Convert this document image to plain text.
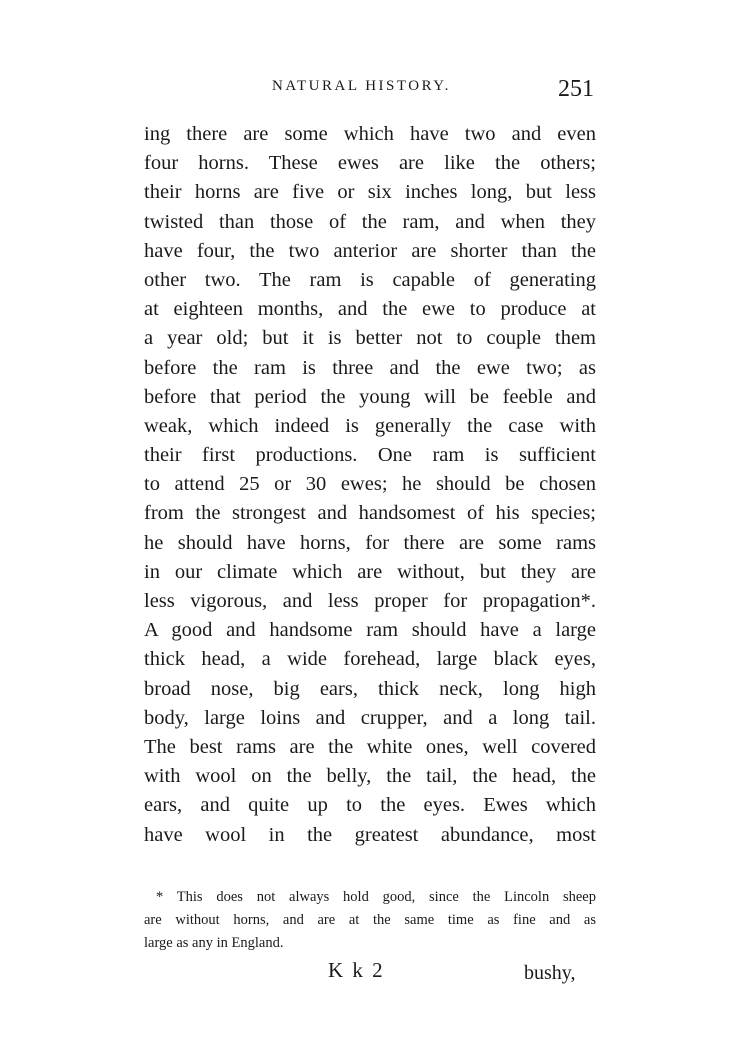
NATURAL HISTORY.	251
ing there are some which have two and even
four horns. These ewes are like the others;
their horns are five or six inches long, but less
twisted than those of the ram, and when they
have four, the two anterior are shorter than the
other two. The ram is capable of generating
at eighteen months, and the ewe to produce at
a year old; but it is better not to couple them
before the ram is three and the ewe two; as
before that period the young will be feeble and
weak, which indeed is generally the case with
their first productions. One ram is sufficient
to attend 25 or 30 ewes; he should be chosen
from the strongest and handsomest of his species;
he should have horns, for there are some rams
in our climate which are without, but they are
less vigorous, and less proper for propagation*.
A good and handsome ram should have a large
thick head, a wide forehead, large black eyes,
broad nose, big ears, thick neck, long high
body, large loins and crupper, and a long tail.
The best rams are the white ones, well covered
with wool on the belly, the tail, the head, the
ears, and quite up to the eyes. Ewes which
have wool in the greatest abundance, most
* This does not always hold good, since the Lincoln sheep
are without horns, and are at the same time as fine and as
large as any in England.
K k 2	bushy,
